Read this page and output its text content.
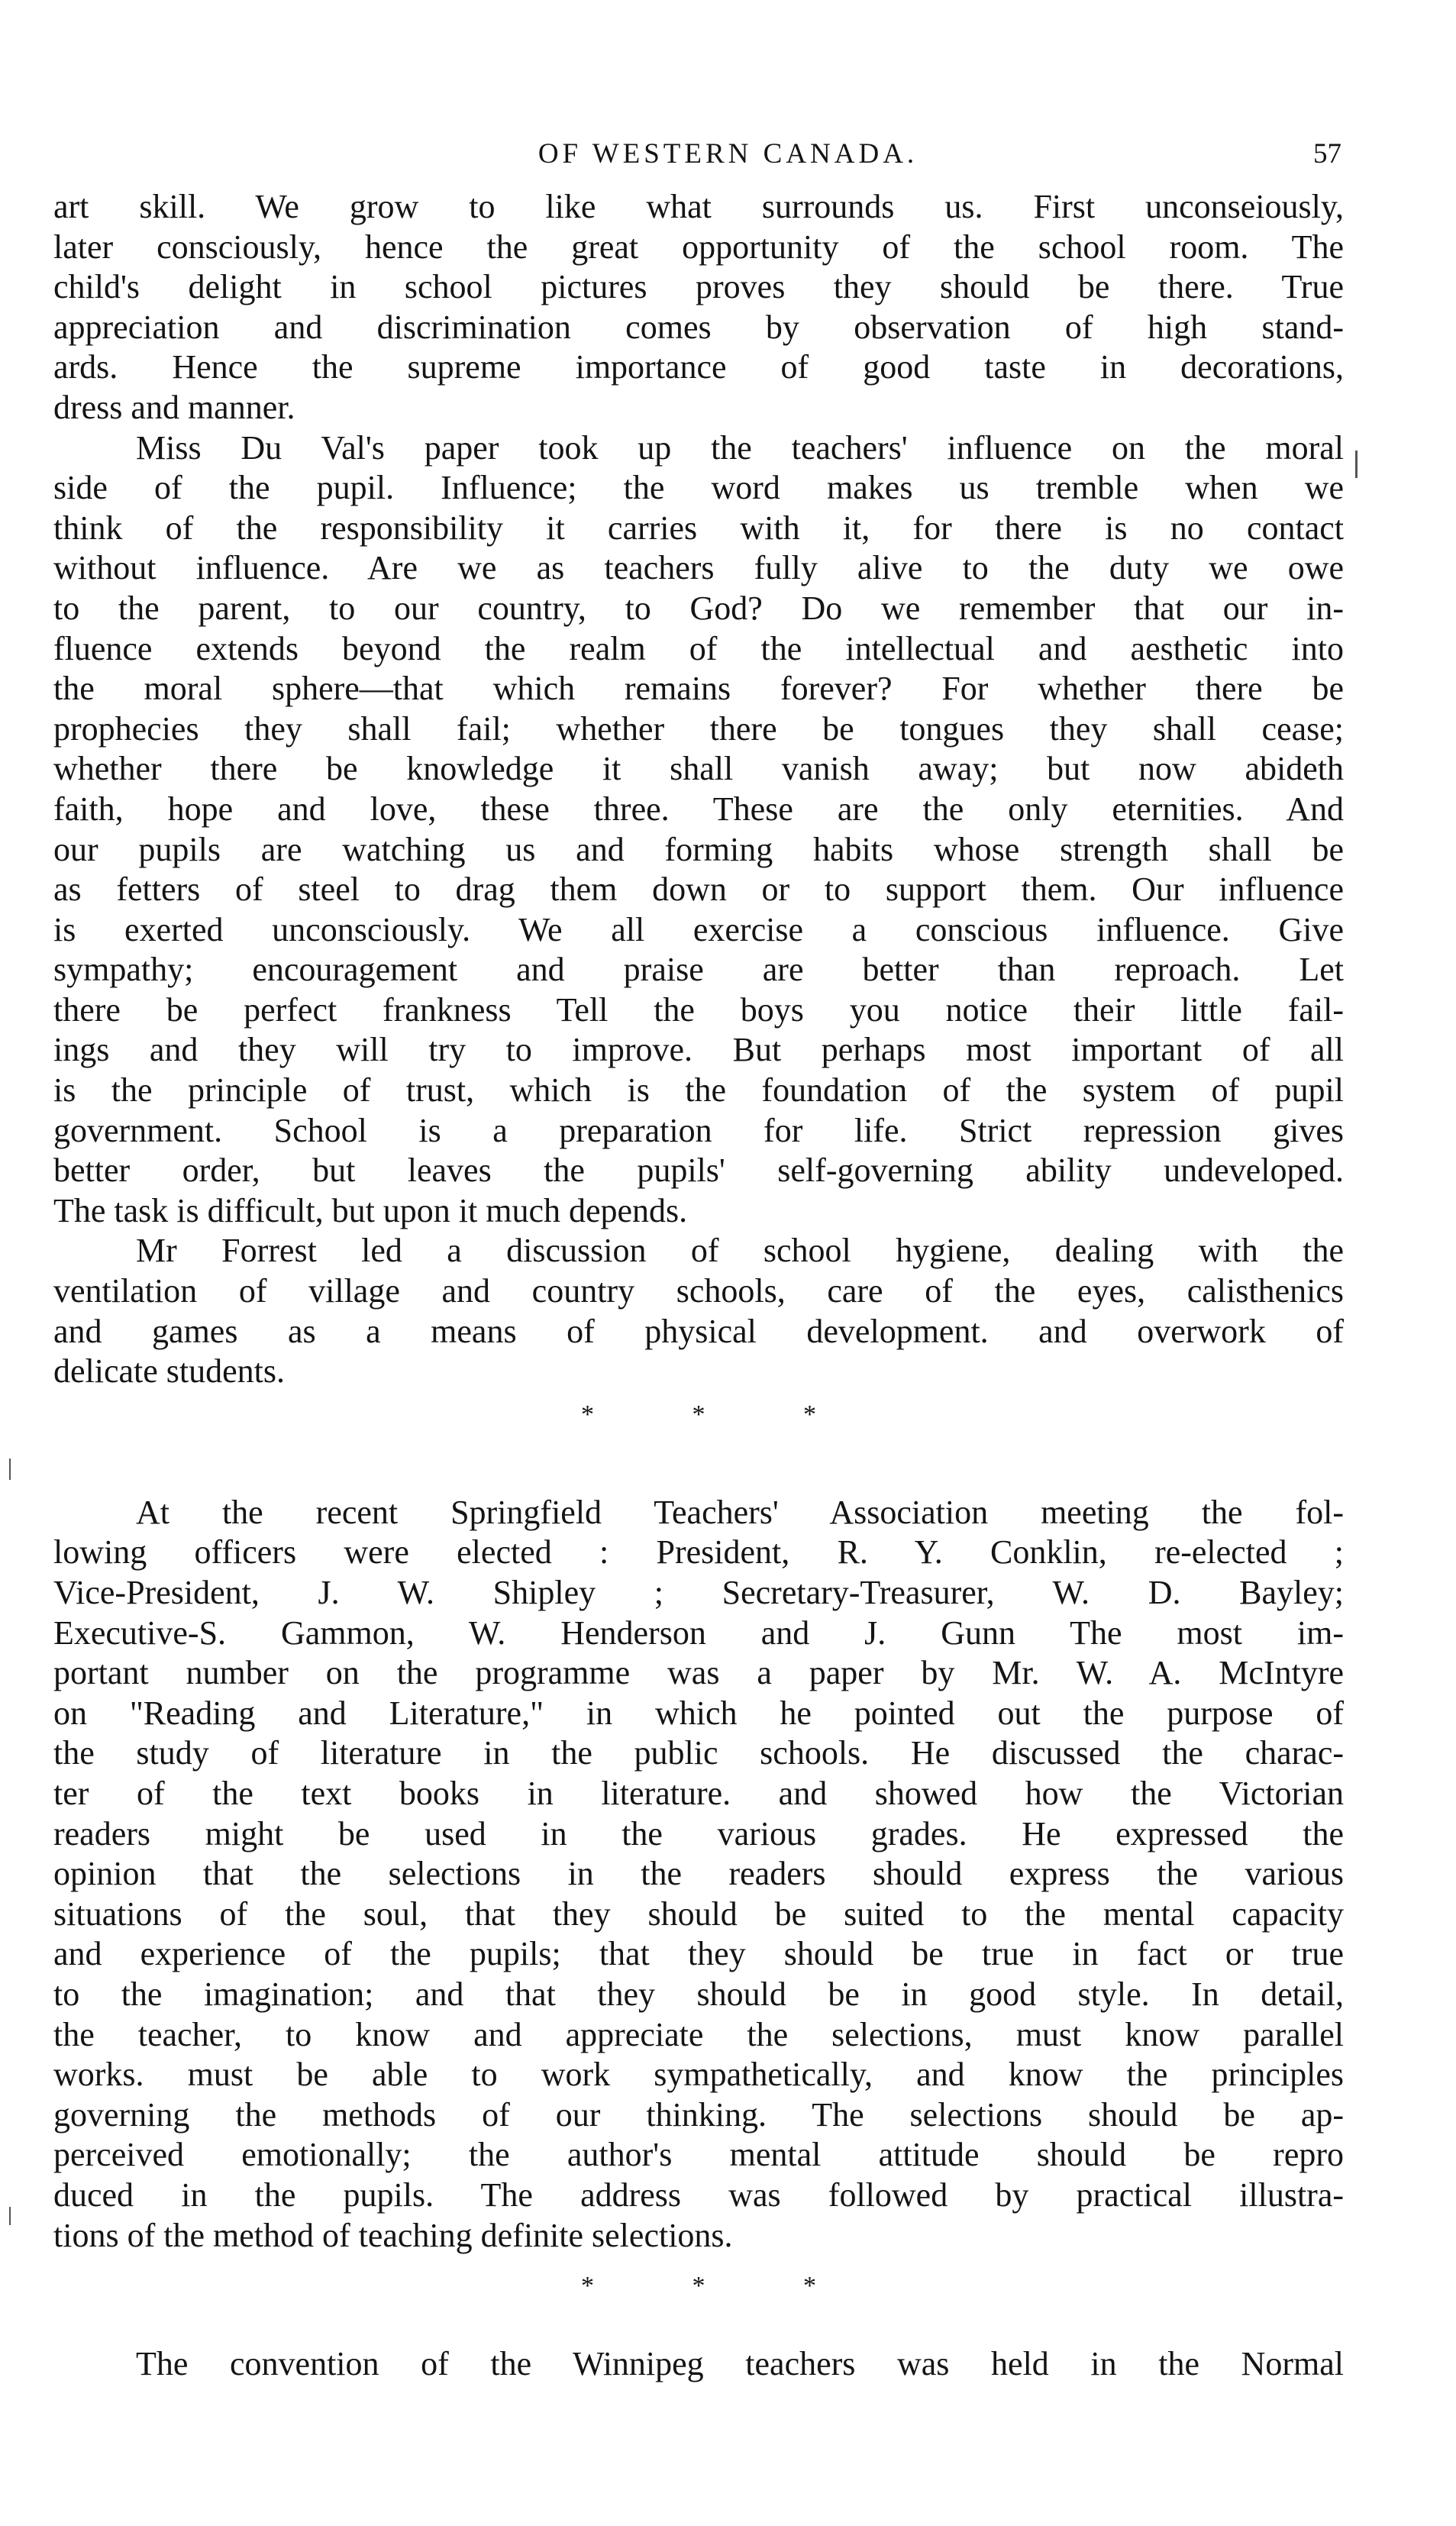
OF WESTERN CANADA.	57
art skill. We grow to like what surrounds us. First unconseiously,
later consciously, hence the great opportunity of the school room. The
child's delight in school pictures proves they should be there. True
appreciation and discrimination comes by observation of high stand-
ards. Hence the supreme importance of good taste in decorations,
dress and manner.
Miss Du Val's paper took up the teachers' influence on the moral
side of the pupil. Influence; the word makes us tremble when we
think of the responsibility it carries with it, for there is no contact
without influence. Are we as teachers fully alive to the duty we owe
to the parent, to our country, to God? Do we remember that our in-
fluence extends beyond the realm of the intellectual and aesthetic into
the moral sphere—that which remains forever? For whether there be
prophecies they shall fail; whether there be tongues they shall cease;
whether there be knowledge it shall vanish away; but now abideth
faith, hope and love, these three. These are the only eternities. And
our pupils are watching us and forming habits whose strength shall be
as fetters of steel to drag them down or to support them. Our influence
is exerted unconsciously. We all exercise a conscious influence. Give
sympathy; encouragement and praise are better than reproach. Let
there be perfect frankness Tell the boys you notice their little fail-
ings and they will try to improve. But perhaps most important of all
is the principle of trust, which is the foundation of the system of pupil
government. School is a preparation for life. Strict repression gives
better order, but leaves the pupils' self-governing ability undeveloped.
The task is difficult, but upon it much depends.
Mr Forrest led a discussion of school hygiene, dealing with the
ventilation of village and country schools, care of the eyes, calisthenics
and games as a means of physical development. and overwork of
delicate students.
* * *
At the recent Springfield Teachers' Association meeting the fol-
lowing officers were elected : President, R. Y. Conklin, re-elected ;
Vice-President, J. W. Shipley ; Secretary-Treasurer, W. D. Bayley;
Executive-S. Gammon, W. Henderson and J. Gunn The most im-
portant number on the programme was a paper by Mr. W. A. McIntyre
on "Reading and Literature," in which he pointed out the purpose of
the study of literature in the public schools. He discussed the charac-
ter of the text books in literature. and showed how the Victorian
readers might be used in the various grades. He expressed the
opinion that the selections in the readers should express the various
situations of the soul, that they should be suited to the mental capacity
and experience of the pupils; that they should be true in fact or true
to the imagination; and that they should be in good style. In detail,
the teacher, to know and appreciate the selections, must know parallel
works. must be able to work sympathetically, and know the principles
governing the methods of our thinking. The selections should be ap-
perceived emotionally; the author's mental attitude should be repro
duced in the pupils. The address was followed by practical illustra-
tions of the method of teaching definite selections.
* * *
The convention of the Winnipeg teachers was held in the Normal
